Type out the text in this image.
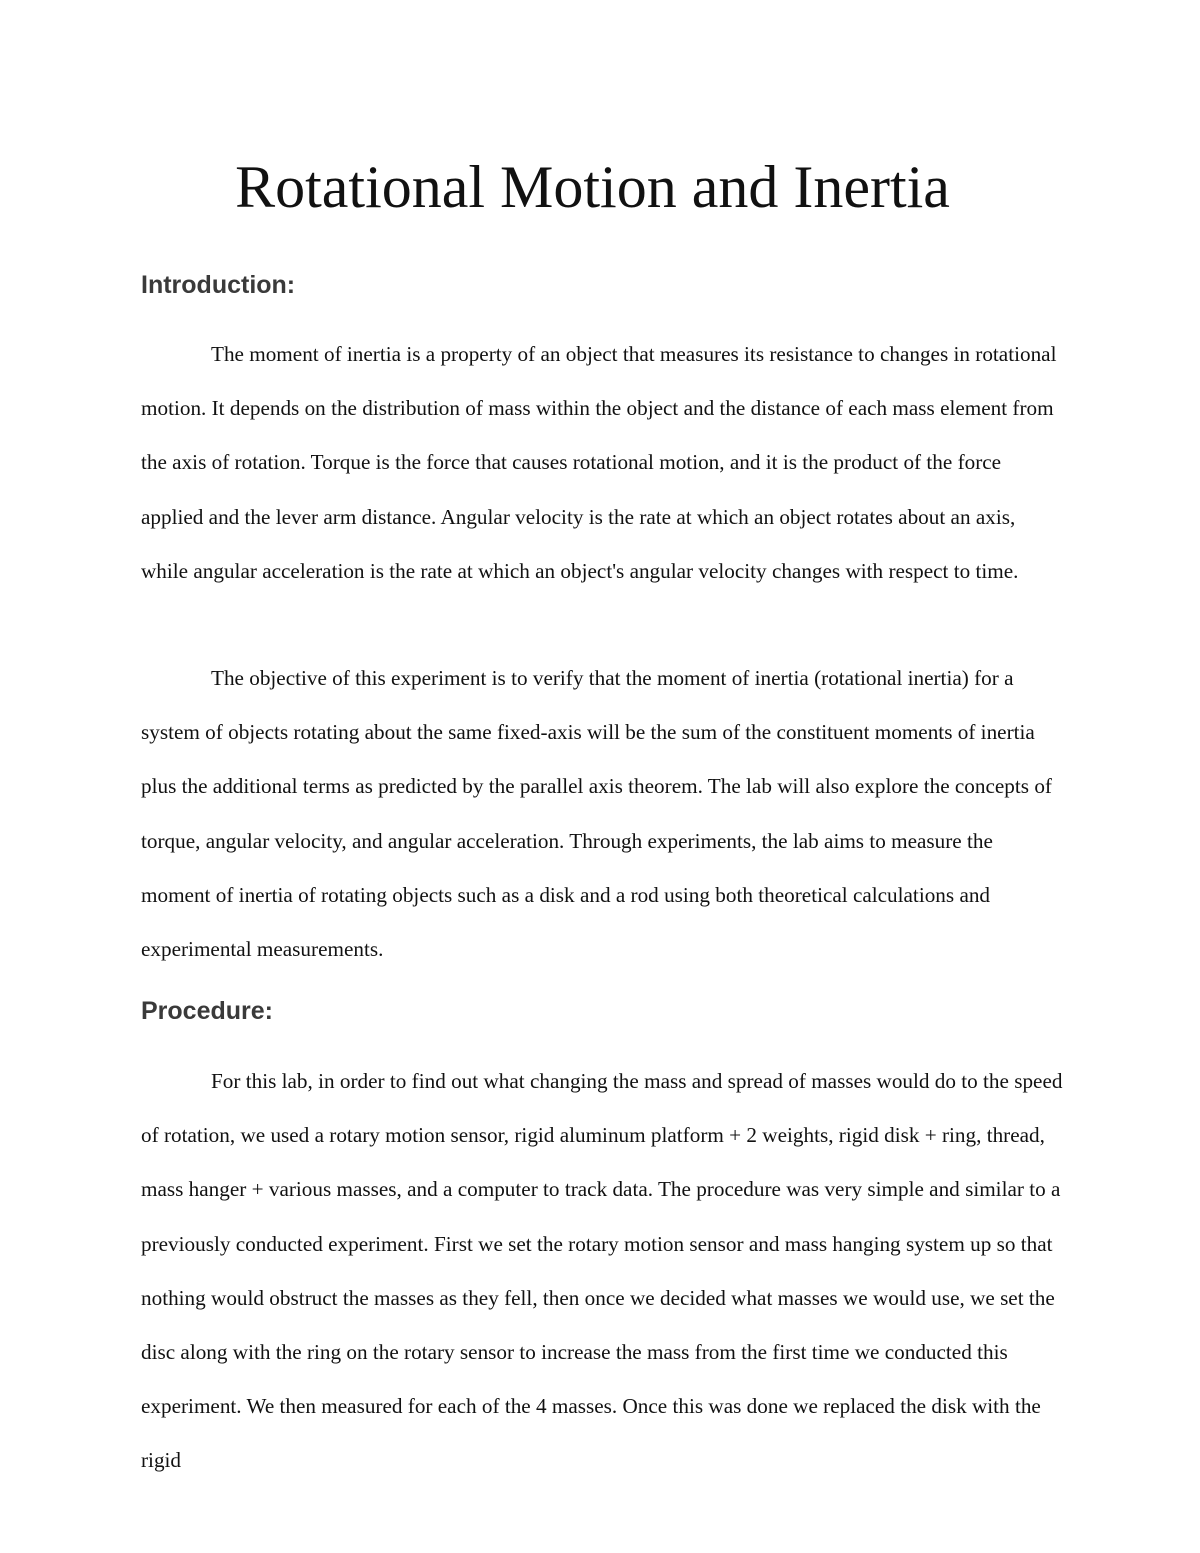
Rotational Motion and Inertia
Introduction:

The moment of inertia is a property of an object that measures its resistance to changes in rotational motion. It depends on the distribution of mass within the object and the distance of each mass element from the axis of rotation. Torque is the force that causes rotational motion, and it is the product of the force applied and the lever arm distance. Angular velocity is the rate at which an object rotates about an axis, while angular acceleration is the rate at which an object's angular velocity changes with respect to time.

The objective of this experiment is to verify that the moment of inertia (rotational inertia) for a system of objects rotating about the same fixed-axis will be the sum of the constituent moments of inertia plus the additional terms as predicted by the parallel axis theorem. The lab will also explore the concepts of torque, angular velocity, and angular acceleration. Through experiments, the lab aims to measure the moment of inertia of rotating objects such as a disk and a rod using both theoretical calculations and experimental measurements.

Procedure:

For this lab, in order to find out what changing the mass and spread of masses would do to the speed of rotation, we used a rotary motion sensor, rigid aluminum platform + 2 weights, rigid disk + ring, thread, mass hanger + various masses, and a computer to track data. The procedure was very simple and similar to a previously conducted experiment. First we set the rotary motion sensor and mass hanging system up so that nothing would obstruct the masses as they fell, then once we decided what masses we would use, we set the disc along with the ring on the rotary sensor to increase the mass from the first time we conducted this experiment. We then measured for each of the 4 masses. Once this was done we replaced the disk with the rigid
